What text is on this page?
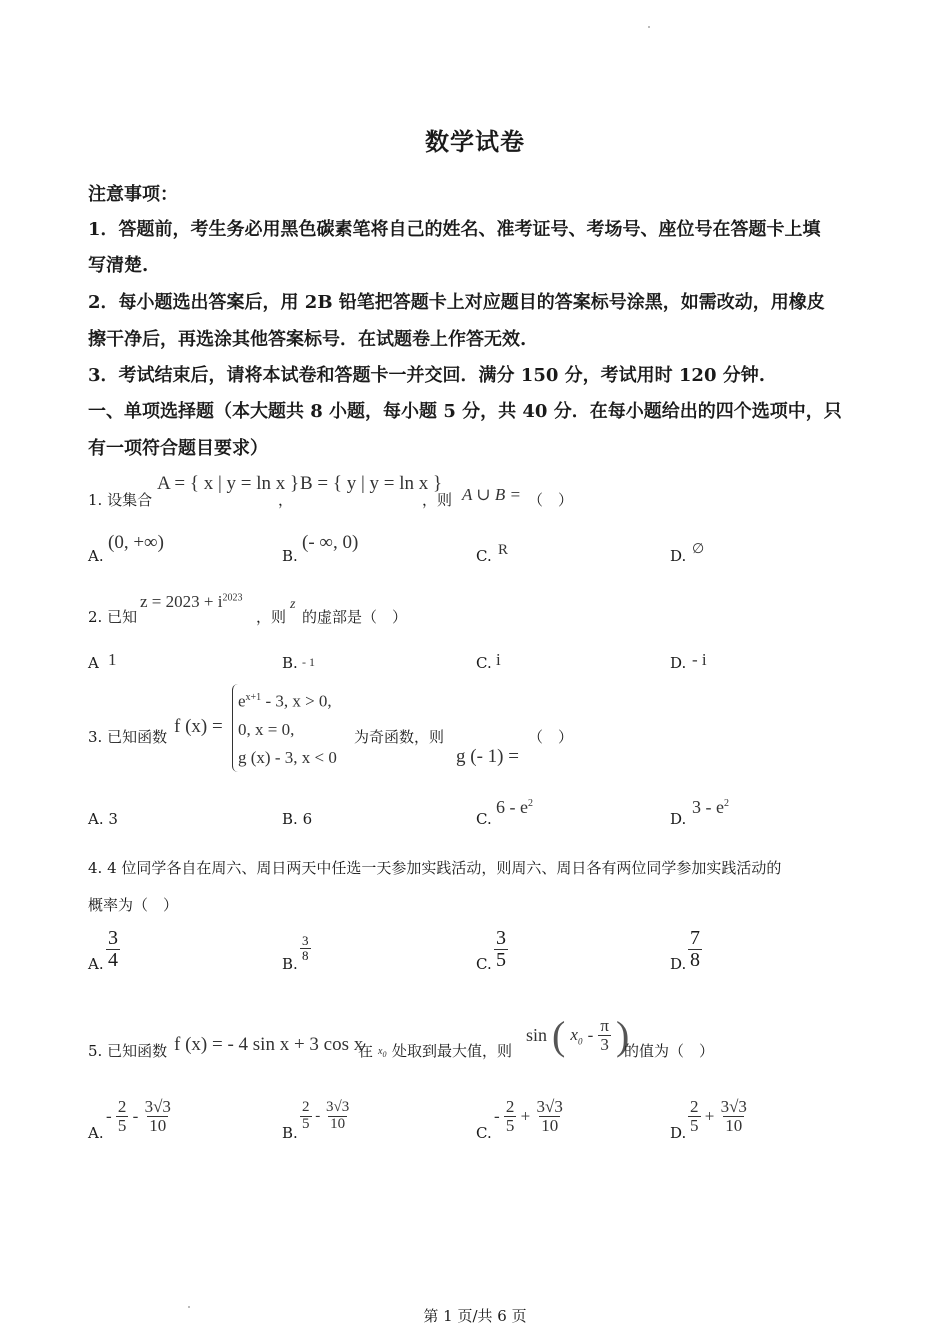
数学试卷
注意事项：
1．答题前，考生务必用黑色碳素笔将自己的姓名、准考证号、考场号、座位号在答题卡上填
写清楚.
2．每小题选出答案后，用 2B 铅笔把答题卡上对应题目的答案标号涂黑，如需改动，用橡皮
擦干净后，再选涂其他答案标号．在试题卷上作答无效.
3．考试结束后，请将本试卷和答题卡一并交回．满分 150 分，考试用时 120 分钟.
一、单项选择题（本大题共 8 小题，每小题 5 分，共 40 分．在每小题给出的四个选项中，只
有一项符合题目要求）
1. 设集合
A = { x | y = ln x }
，
B = { y | y = ln x }
，则 A ∪ B = （　）
A.
(0, +∞)
B.
(- ∞, 0)
C. R	D. ∅
2. 已知
$z = 2023 + i^{2023}$
，则
z
的虚部是（　）
A 1	B. - 1	C. i	D. - i
3. 已知函数 f (x) =
$e^{x+1} - 3$, x > 0,
0, x = 0,
g (x) - 3, x < 0
为奇函数，则	（　）
g (- 1) =
A. 3	B. 6	C.
$6 - e^2$
D.
$3 - e^2$
4. 4 位同学各自在周六、周日两天中任选一天参加实践活动，则周六、周日各有两位同学参加实践活动的
概率为（　）
A. $\frac{3}{4}$	B.
$\frac{3}{8}$
C. $\frac{3}{5}$	D. $\frac{7}{8}$
5. 已知函数 f (x) = - 4 sin x + 3 cos x
在 $x_0$ 处取到最大值，则
sin ( $x_0 - \frac{\pi}{3}$ )
的值为（　）
A.
- $\frac{2}{5} - \frac{3√3}{10}$	B.
$\frac{2}{5} - \frac{3√3}{10}$
C.
- $\frac{2}{5} + \frac{3√3}{10}$	D. $\frac{2}{5} + \frac{3√3}{10}$
第 1 页/共 6 页
